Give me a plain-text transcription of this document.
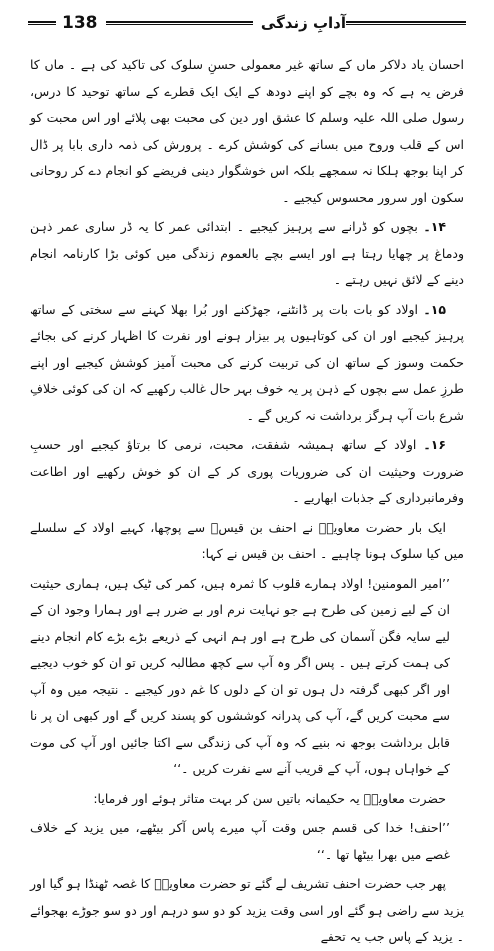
138	آدابِ زندگی

احسان یاد دلاکر ماں کے ساتھ غیر معمولی حسنِ سلوک کی تاکید کی ہے ۔ ماں کا فرض یہ ہے کہ وہ بچے کو اپنے دودھ کے ایک ایک قطرے کے ساتھ توحید کا درس، رسول صلی اللہ علیہ وسلم کا عشق اور دین کی محبت بھی پلائے اور اس محبت کو اس کے قلب وروح میں بسانے کی کوشش کرے ۔ پرورش کی ذمہ داری بابا پر ڈال کر اپنا بوجھ ہلکا نہ سمجھے بلکہ اس خوشگوار دینی فریضے کو انجام دے کر روحانی سکون اور سرور محسوس کیجیے ۔

۱۴۔ بچوں کو ڈرانے سے پرہیز کیجیے ۔ ابتدائی عمر کا یہ ڈر ساری عمر ذہن ودماغ پر چھایا رہتا ہے اور ایسے بچے بالعموم زندگی میں کوئی بڑا کارنامہ انجام دینے کے لائق نہیں رہتے ۔

۱۵۔ اولاد کو بات بات پر ڈانٹنے، جھڑکنے اور بُرا بھلا کہنے سے سختی کے ساتھ پرہیز کیجیے اور ان کی کوتاہیوں پر بیزار ہونے اور نفرت کا اظہار کرنے کی بجائے حکمت وسوز کے ساتھ ان کی تربیت کرنے کی محبت آمیز کوشش کیجیے اور اپنے طرزِ عمل سے بچوں کے ذہن پر یہ خوف بہر حال غالب رکھیے کہ ان کی کوئی خلافِ شرع بات آپ ہرگز برداشت نہ کریں گے ۔

۱۶۔ اولاد کے ساتھ ہمیشہ شفقت، محبت، نرمی کا برتاؤ کیجیے اور حسبِ ضرورت وحیثیت ان کی ضروریات پوری کر کے ان کو خوش رکھیے اور اطاعت وفرمانبرداری کے جذبات ابھاریے ۔

ایک بار حضرت معاویہؓ نے احنف بن قیسؓ سے پوچھا، کہیے اولاد کے سلسلے میں کیا سلوک ہونا چاہیے ۔ احنف بن قیس نے کہا:

’’امیر المومنین! اولاد ہمارے قلوب کا ثمرہ ہیں، کمر کی ٹیک ہیں، ہماری حیثیت ان کے لیے زمین کی طرح ہے جو نہایت نرم اور بے ضرر ہے اور ہمارا وجود ان کے لیے سایہ فگن آسمان کی طرح ہے اور ہم انہی کے ذریعے بڑے بڑے کام انجام دینے کی ہمت کرتے ہیں ۔ پس اگر وہ آپ سے کچھ مطالبہ کریں تو ان کو خوب دیجیے اور اگر کبھی گرفتہ دل ہوں تو ان کے دلوں کا غم دور کیجیے ۔ نتیجہ میں وہ آپ سے محبت کریں گے، آپ کی پدرانہ کوششوں کو پسند کریں گے اور کبھی ان پر نا قابل برداشت بوجھ نہ بنیے کہ وہ آپ کی زندگی سے اکتا جائیں اور آپ کی موت کے خواہاں ہوں، آپ کے قریب آنے سے نفرت کریں ۔‘‘

حضرت معاویہؓ یہ حکیمانہ باتیں سن کر بہت متاثر ہوئے اور فرمایا:

’’احنف! خدا کی قسم جس وقت آپ میرے پاس آکر بیٹھے، میں یزید کے خلاف غصے میں بھرا بیٹھا تھا ۔‘‘

پھر جب حضرت احنف تشریف لے گئے تو حضرت معاویہؓ کا غصہ ٹھنڈا ہو گیا اور یزید سے راضی ہو گئے اور اسی وقت یزید کو دو سو درہم اور دو سو جوڑے بھجوائے ۔ یزید کے پاس جب یہ تحفے
